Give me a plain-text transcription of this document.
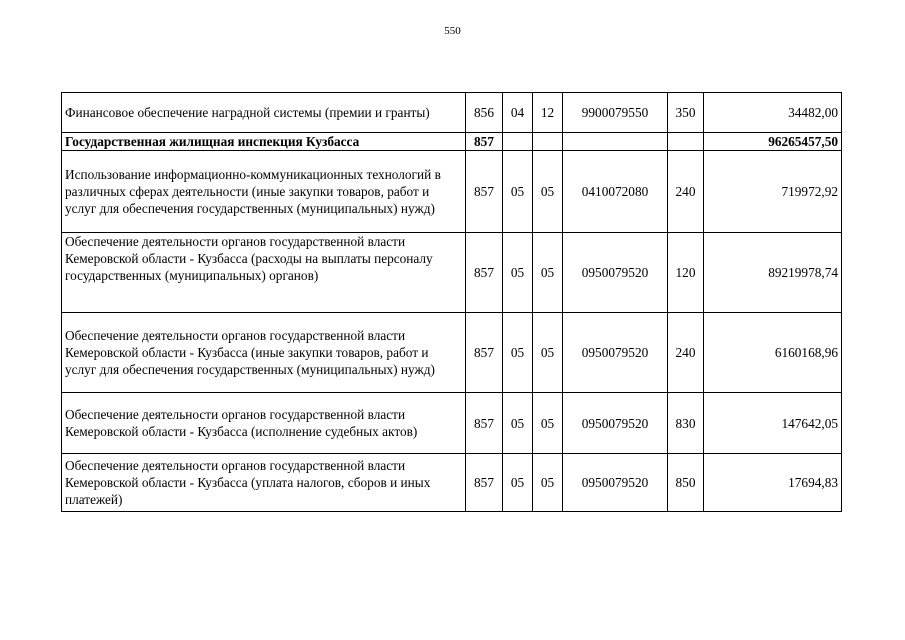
550
Финансовое обеспечение наградной системы (премии и гранты)	856	04	12	9900079550	350	34482,00
Государственная жилищная инспекция Кузбасса	857					96265457,50
Использование информационно-коммуникационных технологий в различных сферах деятельности (иные закупки товаров, работ и услуг для обеспечения государственных (муниципальных) нужд)	857	05	05	0410072080	240	719972,92
Обеспечение деятельности органов государственной власти Кемеровской области - Кузбасса (расходы на выплаты персоналу государственных (муниципальных) органов)	857	05	05	0950079520	120	89219978,74
Обеспечение деятельности органов государственной власти Кемеровской области - Кузбасса (иные закупки товаров, работ и услуг для обеспечения государственных (муниципальных) нужд)	857	05	05	0950079520	240	6160168,96
Обеспечение деятельности органов государственной власти Кемеровской области - Кузбасса (исполнение судебных актов)	857	05	05	0950079520	830	147642,05
Обеспечение деятельности органов государственной власти Кемеровской области - Кузбасса (уплата налогов, сборов и иных платежей)	857	05	05	0950079520	850	17694,83
